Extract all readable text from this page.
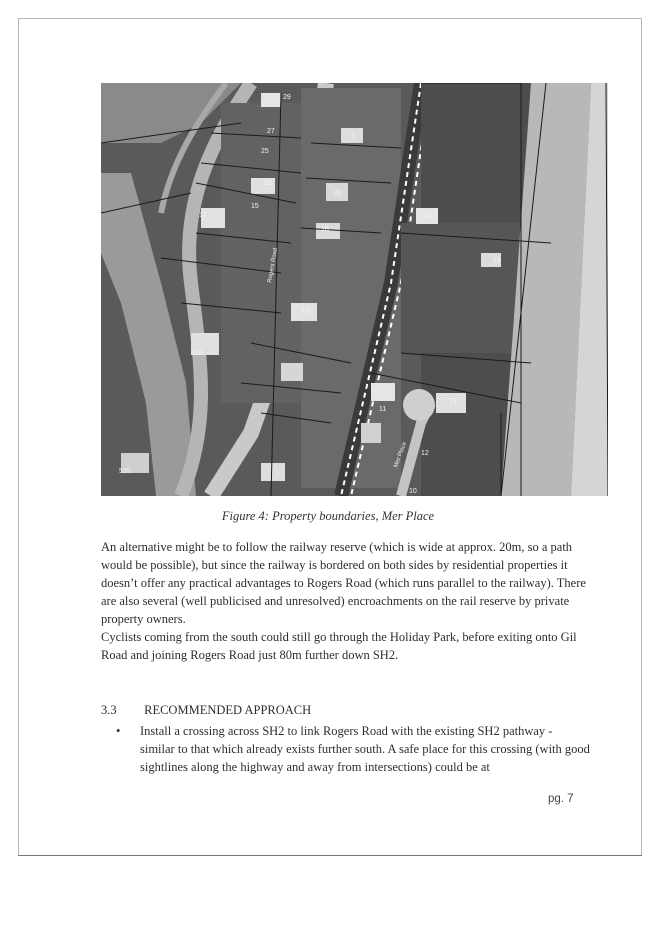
29
27
5
25
23
20
21
17
18
19
15
12
536
11
13
12
10
535
Rogers Road
Mer Place
Figure 4: Property boundaries, Mer Place

An alternative might be to follow the railway reserve (which is wide at approx. 20m, so a path would be possible), but since the railway is bordered on both sides by residential properties it doesn’t offer any practical advantages to Rogers Road (which runs parallel to the railway). There are also several (well publicised and unresolved) encroachments on the rail reserve by private property owners.

Cyclists coming from the south could still go through the Holiday Park, before exiting onto Gil Road and joining Rogers Road just 80m further down SH2.

3.3 RECOMMENDED APPROACH
• Install a crossing across SH2 to link Rogers Road with the existing SH2 pathway - similar to that which already exists further south. A safe place for this crossing (with good sightlines along the highway and away from intersections) could be at

pg. 7
